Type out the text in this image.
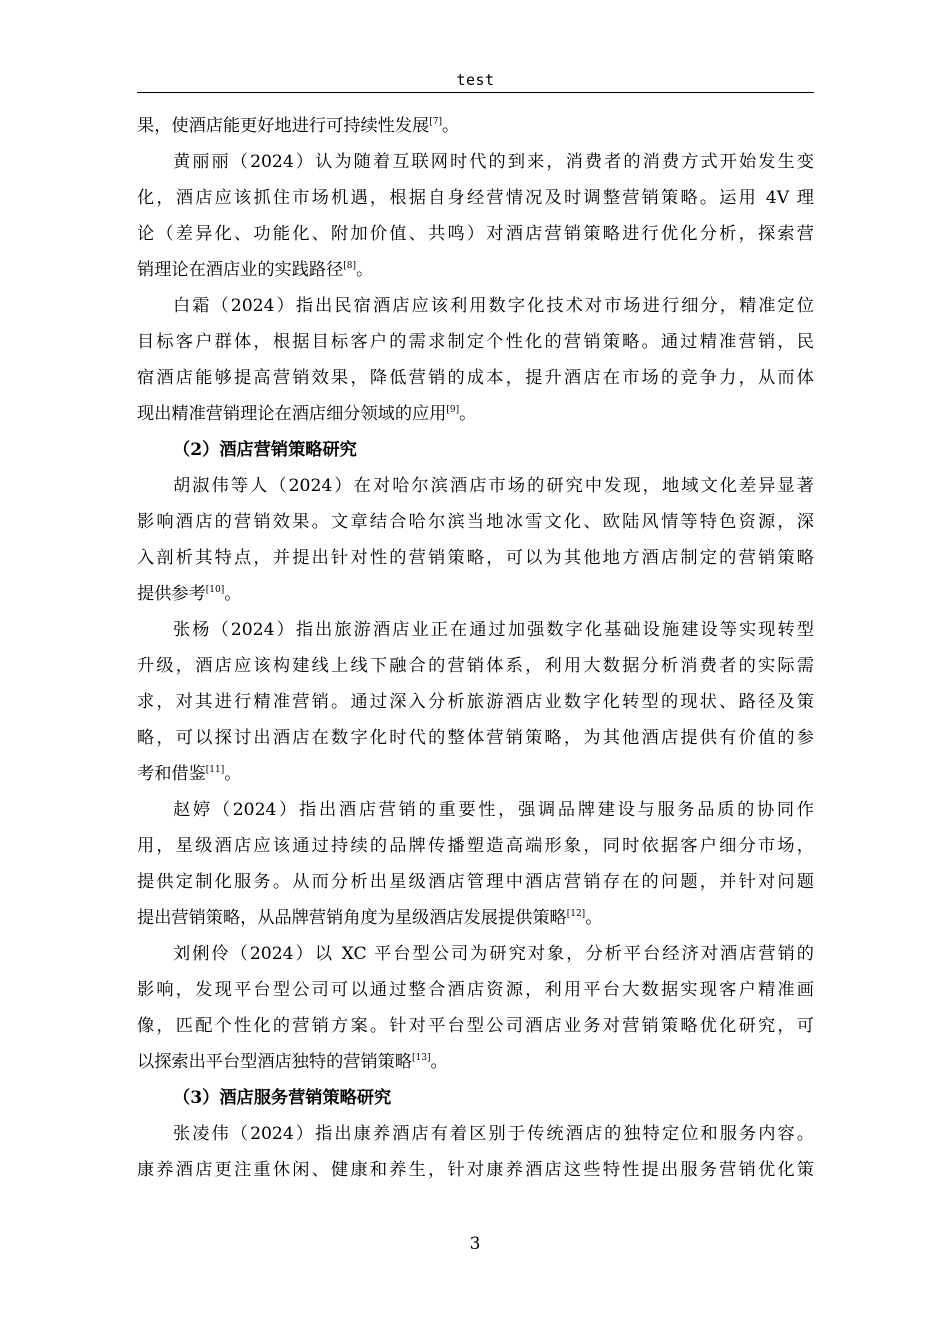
test
果，使酒店能更好地进行可持续性发展[7]。
黄丽丽（2024）认为随着互联网时代的到来，消费者的消费方式开始发生变
化，酒店应该抓住市场机遇，根据自身经营情况及时调整营销策略。运用 4V 理
论（差异化、功能化、附加价值、共鸣）对酒店营销策略进行优化分析，探索营
销理论在酒店业的实践路径[8]。
白霜（2024）指出民宿酒店应该利用数字化技术对市场进行细分，精准定位
目标客户群体，根据目标客户的需求制定个性化的营销策略。通过精准营销，民
宿酒店能够提高营销效果，降低营销的成本，提升酒店在市场的竞争力，从而体
现出精准营销理论在酒店细分领域的应用[9]。
（2）酒店营销策略研究
胡淑伟等人（2024）在对哈尔滨酒店市场的研究中发现，地域文化差异显著
影响酒店的营销效果。文章结合哈尔滨当地冰雪文化、欧陆风情等特色资源，深
入剖析其特点，并提出针对性的营销策略，可以为其他地方酒店制定的营销策略
提供参考[10]。
张杨（2024）指出旅游酒店业正在通过加强数字化基础设施建设等实现转型
升级，酒店应该构建线上线下融合的营销体系，利用大数据分析消费者的实际需
求，对其进行精准营销。通过深入分析旅游酒店业数字化转型的现状、路径及策
略，可以探讨出酒店在数字化时代的整体营销策略，为其他酒店提供有价值的参
考和借鉴[11]。
赵婷（2024）指出酒店营销的重要性，强调品牌建设与服务品质的协同作
用，星级酒店应该通过持续的品牌传播塑造高端形象，同时依据客户细分市场，
提供定制化服务。从而分析出星级酒店管理中酒店营销存在的问题，并针对问题
提出营销策略，从品牌营销角度为星级酒店发展提供策略[12]。
刘俐伶（2024）以 XC 平台型公司为研究对象，分析平台经济对酒店营销的
影响，发现平台型公司可以通过整合酒店资源，利用平台大数据实现客户精准画
像，匹配个性化的营销方案。针对平台型公司酒店业务对营销策略优化研究，可
以探索出平台型酒店独特的营销策略[13]。
（3）酒店服务营销策略研究
张凌伟（2024）指出康养酒店有着区别于传统酒店的独特定位和服务内容。
康养酒店更注重休闲、健康和养生，针对康养酒店这些特性提出服务营销优化策
3
